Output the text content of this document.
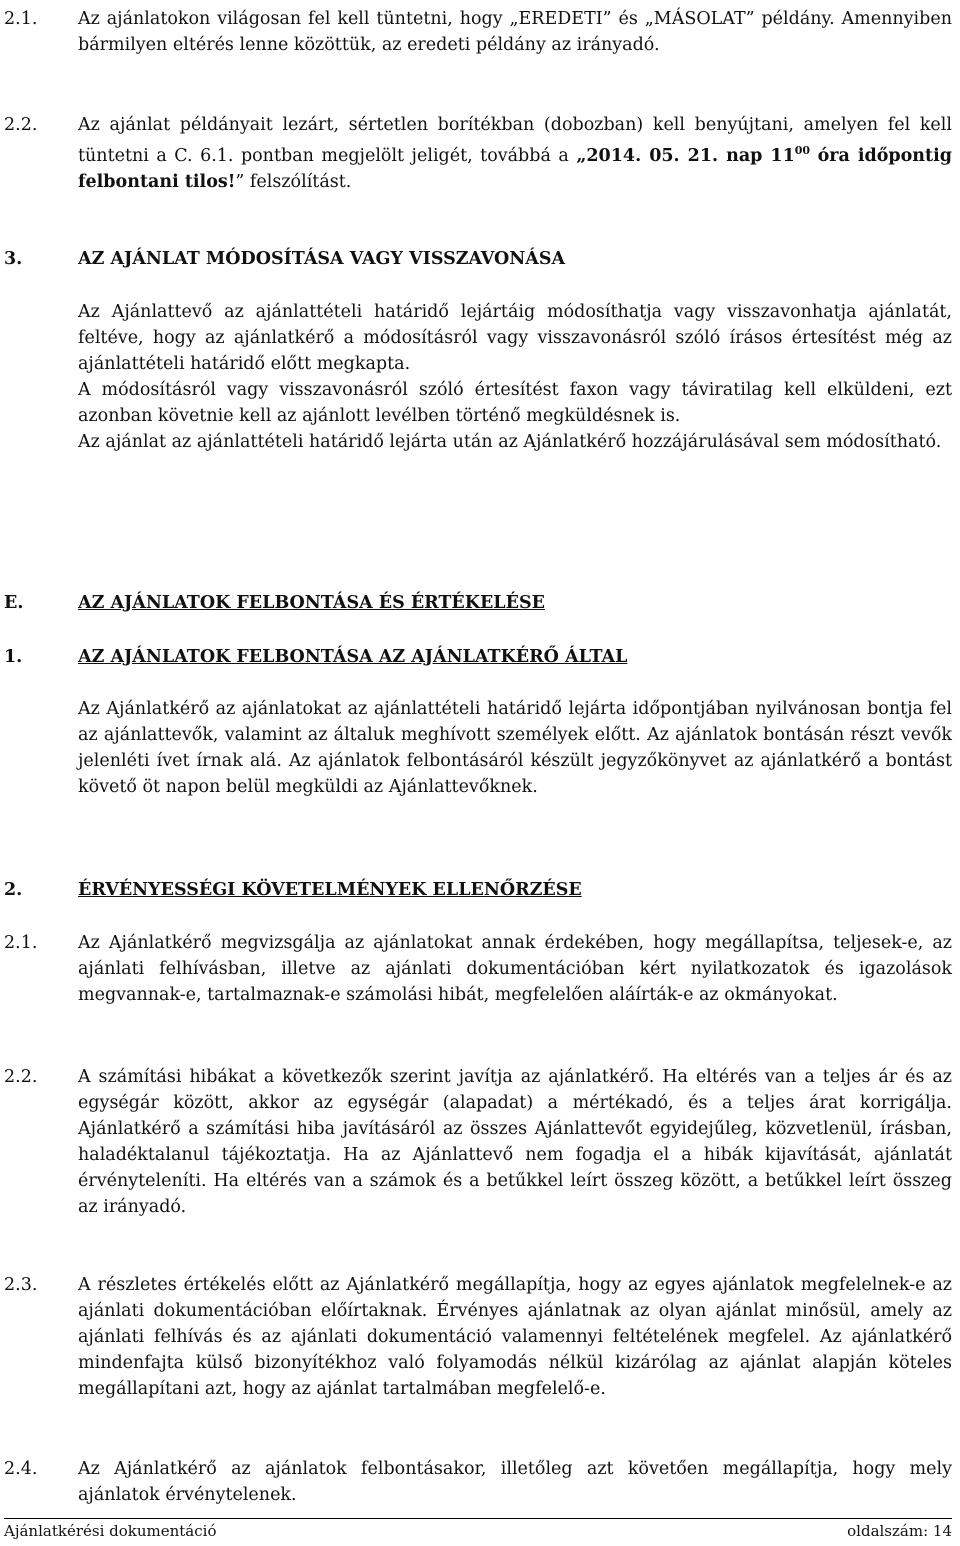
2.1.	Az ajánlatokon világosan fel kell tüntetni, hogy „EREDETI” és „MÁSOLAT” példány. Amennyiben bármilyen eltérés lenne közöttük, az eredeti példány az irányadó.
2.2.	Az ajánlat példányait lezárt, sértetlen borítékban (dobozban) kell benyújtani, amelyen fel kell tüntetni a C. 6.1. pontban megjelölt jeligét, továbbá a „2014. 05. 21. nap $11^{00}$ óra időpontig felbontani tilos!” felszólítást.
3.	AZ AJÁNLAT MÓDOSÍTÁSA VAGY VISSZAVONÁSA

Az Ajánlattevő az ajánlattételi határidő lejártáig módosíthatja vagy visszavonhatja ajánlatát, feltéve, hogy az ajánlatkérő a módosításról vagy visszavonásról szóló írásos értesítést még az ajánlattételi határidő előtt megkapta.

A módosításról vagy visszavonásról szóló értesítést faxon vagy táviratilag kell elküldeni, ezt azonban követnie kell az ajánlott levélben történő megküldésnek is.

Az ajánlat az ajánlattételi határidő lejárta után az Ajánlatkérő hozzájárulásával sem módosítható.

E.	AZ AJÁNLATOK FELBONTÁSA ÉS ÉRTÉKELÉSE
1.	AZ AJÁNLATOK FELBONTÁSA AZ AJÁNLATKÉRŐ ÁLTAL
Az Ajánlatkérő az ajánlatokat az ajánlattételi határidő lejárta időpontjában nyilvánosan bontja fel az ajánlattevők, valamint az általuk meghívott személyek előtt. Az ajánlatok bontásán részt vevők jelenléti ívet írnak alá. Az ajánlatok felbontásáról készült jegyzőkönyvet az ajánlatkérő a bontást követő öt napon belül megküldi az Ajánlattevőknek.
2.	ÉRVÉNYESSÉGI KÖVETELMÉNYEK ELLENŐRZÉSE
2.1.	Az Ajánlatkérő megvizsgálja az ajánlatokat annak érdekében, hogy megállapítsa, teljesek-e, az ajánlati felhívásban, illetve az ajánlati dokumentációban kért nyilatkozatok és igazolások megvannak-e, tartalmaznak-e számolási hibát, megfelelően aláírták-e az okmányokat.
2.2.	A számítási hibákat a következők szerint javítja az ajánlatkérő. Ha eltérés van a teljes ár és az egységár között, akkor az egységár (alapadat) a mértékadó, és a teljes árat korrigálja. Ajánlatkérő a számítási hiba javításáról az összes Ajánlattevőt egyidejűleg, közvetlenül, írásban, haladéktalanul tájékoztatja. Ha az Ajánlattevő nem fogadja el a hibák kijavítását, ajánlatát érvényteleníti. Ha eltérés van a számok és a betűkkel leírt összeg között, a betűkkel leírt összeg az irányadó.
2.3.	A részletes értékelés előtt az Ajánlatkérő megállapítja, hogy az egyes ajánlatok megfelelnek-e az ajánlati dokumentációban előírtaknak. Érvényes ajánlatnak az olyan ajánlat minősül, amely az ajánlati felhívás és az ajánlati dokumentáció valamennyi feltételének megfelel. Az ajánlatkérő mindenfajta külső bizonyítékhoz való folyamodás nélkül kizárólag az ajánlat alapján köteles megállapítani azt, hogy az ajánlat tartalmában megfelelő-e.
2.4.	Az Ajánlatkérő az ajánlatok felbontásakor, illetőleg azt követően megállapítja, hogy mely ajánlatok érvénytelenek.
Ajánlatkérési dokumentáció	oldalszám: 14
